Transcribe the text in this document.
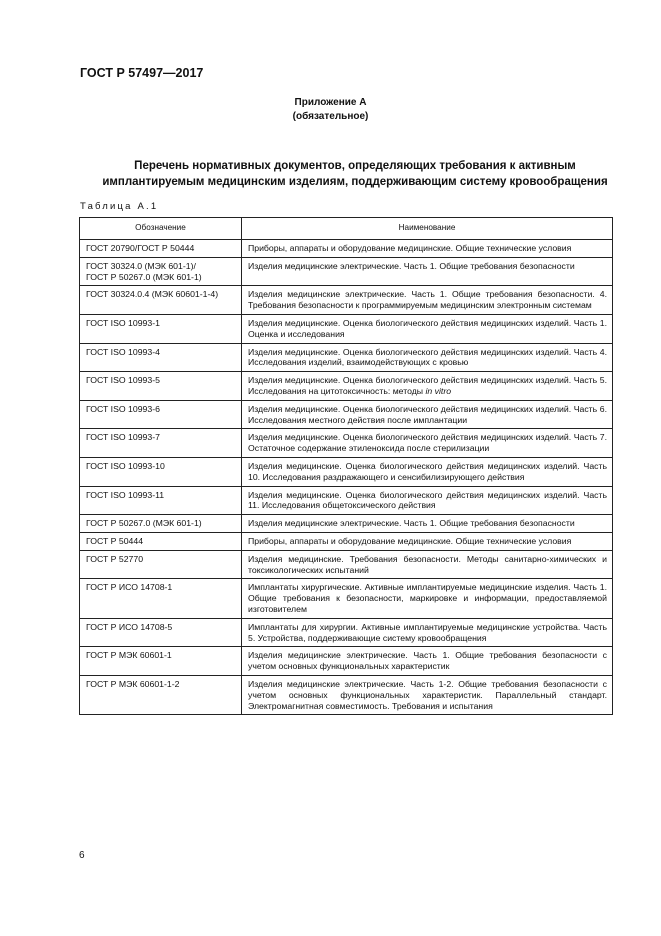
ГОСТ Р 57497—2017
Приложение А
(обязательное)
Перечень нормативных документов, определяющих требования к активным
имплантируемым медицинским изделиям, поддерживающим систему кровообращения
Таблица А.1
Обозначение	Наименование
ГОСТ 20790/ГОСТ Р 50444	Приборы, аппараты и оборудование медицинские. Общие технические условия
ГОСТ 30324.0 (МЭК 601-1)/
ГОСТ Р 50267.0 (МЭК 601-1)	Изделия медицинские электрические. Часть 1. Общие требования безопасности
ГОСТ 30324.0.4 (МЭК 60601-1-4)	Изделия медицинские электрические. Часть 1. Общие требования безопасности. 4. Требования безопасности к программируемым медицинским электронным системам
ГОСТ ISO 10993-1	Изделия медицинские. Оценка биологического действия медицинских изделий. Часть 1. Оценка и исследования
ГОСТ ISO 10993-4	Изделия медицинские. Оценка биологического действия медицинских изделий. Часть 4. Исследования изделий, взаимодействующих с кровью
ГОСТ ISO 10993-5	Изделия медицинские. Оценка биологического действия медицинских изделий. Часть 5. Исследования на цитотоксичность: методы in vitro
ГОСТ ISO 10993-6	Изделия медицинские. Оценка биологического действия медицинских изделий. Часть 6. Исследования местного действия после имплантации
ГОСТ ISO 10993-7	Изделия медицинские. Оценка биологического действия медицинских изделий. Часть 7. Остаточное содержание этиленоксида после стерилизации
ГОСТ ISO 10993-10	Изделия медицинские. Оценка биологического действия медицинских изделий. Часть 10. Исследования раздражающего и сенсибилизирующего действия
ГОСТ ISO 10993-11	Изделия медицинские. Оценка биологического действия медицинских изделий. Часть 11. Исследования общетоксического действия
ГОСТ Р 50267.0 (МЭК 601-1)	Изделия медицинские электрические. Часть 1. Общие требования безопасности
ГОСТ Р 50444	Приборы, аппараты и оборудование медицинские. Общие технические условия
ГОСТ Р 52770	Изделия медицинские. Требования безопасности. Методы санитарно-химических и токсикологических испытаний
ГОСТ Р ИСО 14708-1	Имплантаты хирургические. Активные имплантируемые медицинские изделия. Часть 1. Общие требования к безопасности, маркировке и информации, предоставляемой изготовителем
ГОСТ Р ИСО 14708-5	Имплантаты для хирургии. Активные имплантируемые медицинские устройства. Часть 5. Устройства, поддерживающие систему кровообращения
ГОСТ Р МЭК 60601-1	Изделия медицинские электрические. Часть 1. Общие требования безопасности с учетом основных функциональных характеристик
ГОСТ Р МЭК 60601-1-2	Изделия медицинские электрические. Часть 1-2. Общие требования безопасности с учетом основных функциональных характеристик. Параллельный стандарт. Электромагнитная совместимость. Требования и испытания
6
